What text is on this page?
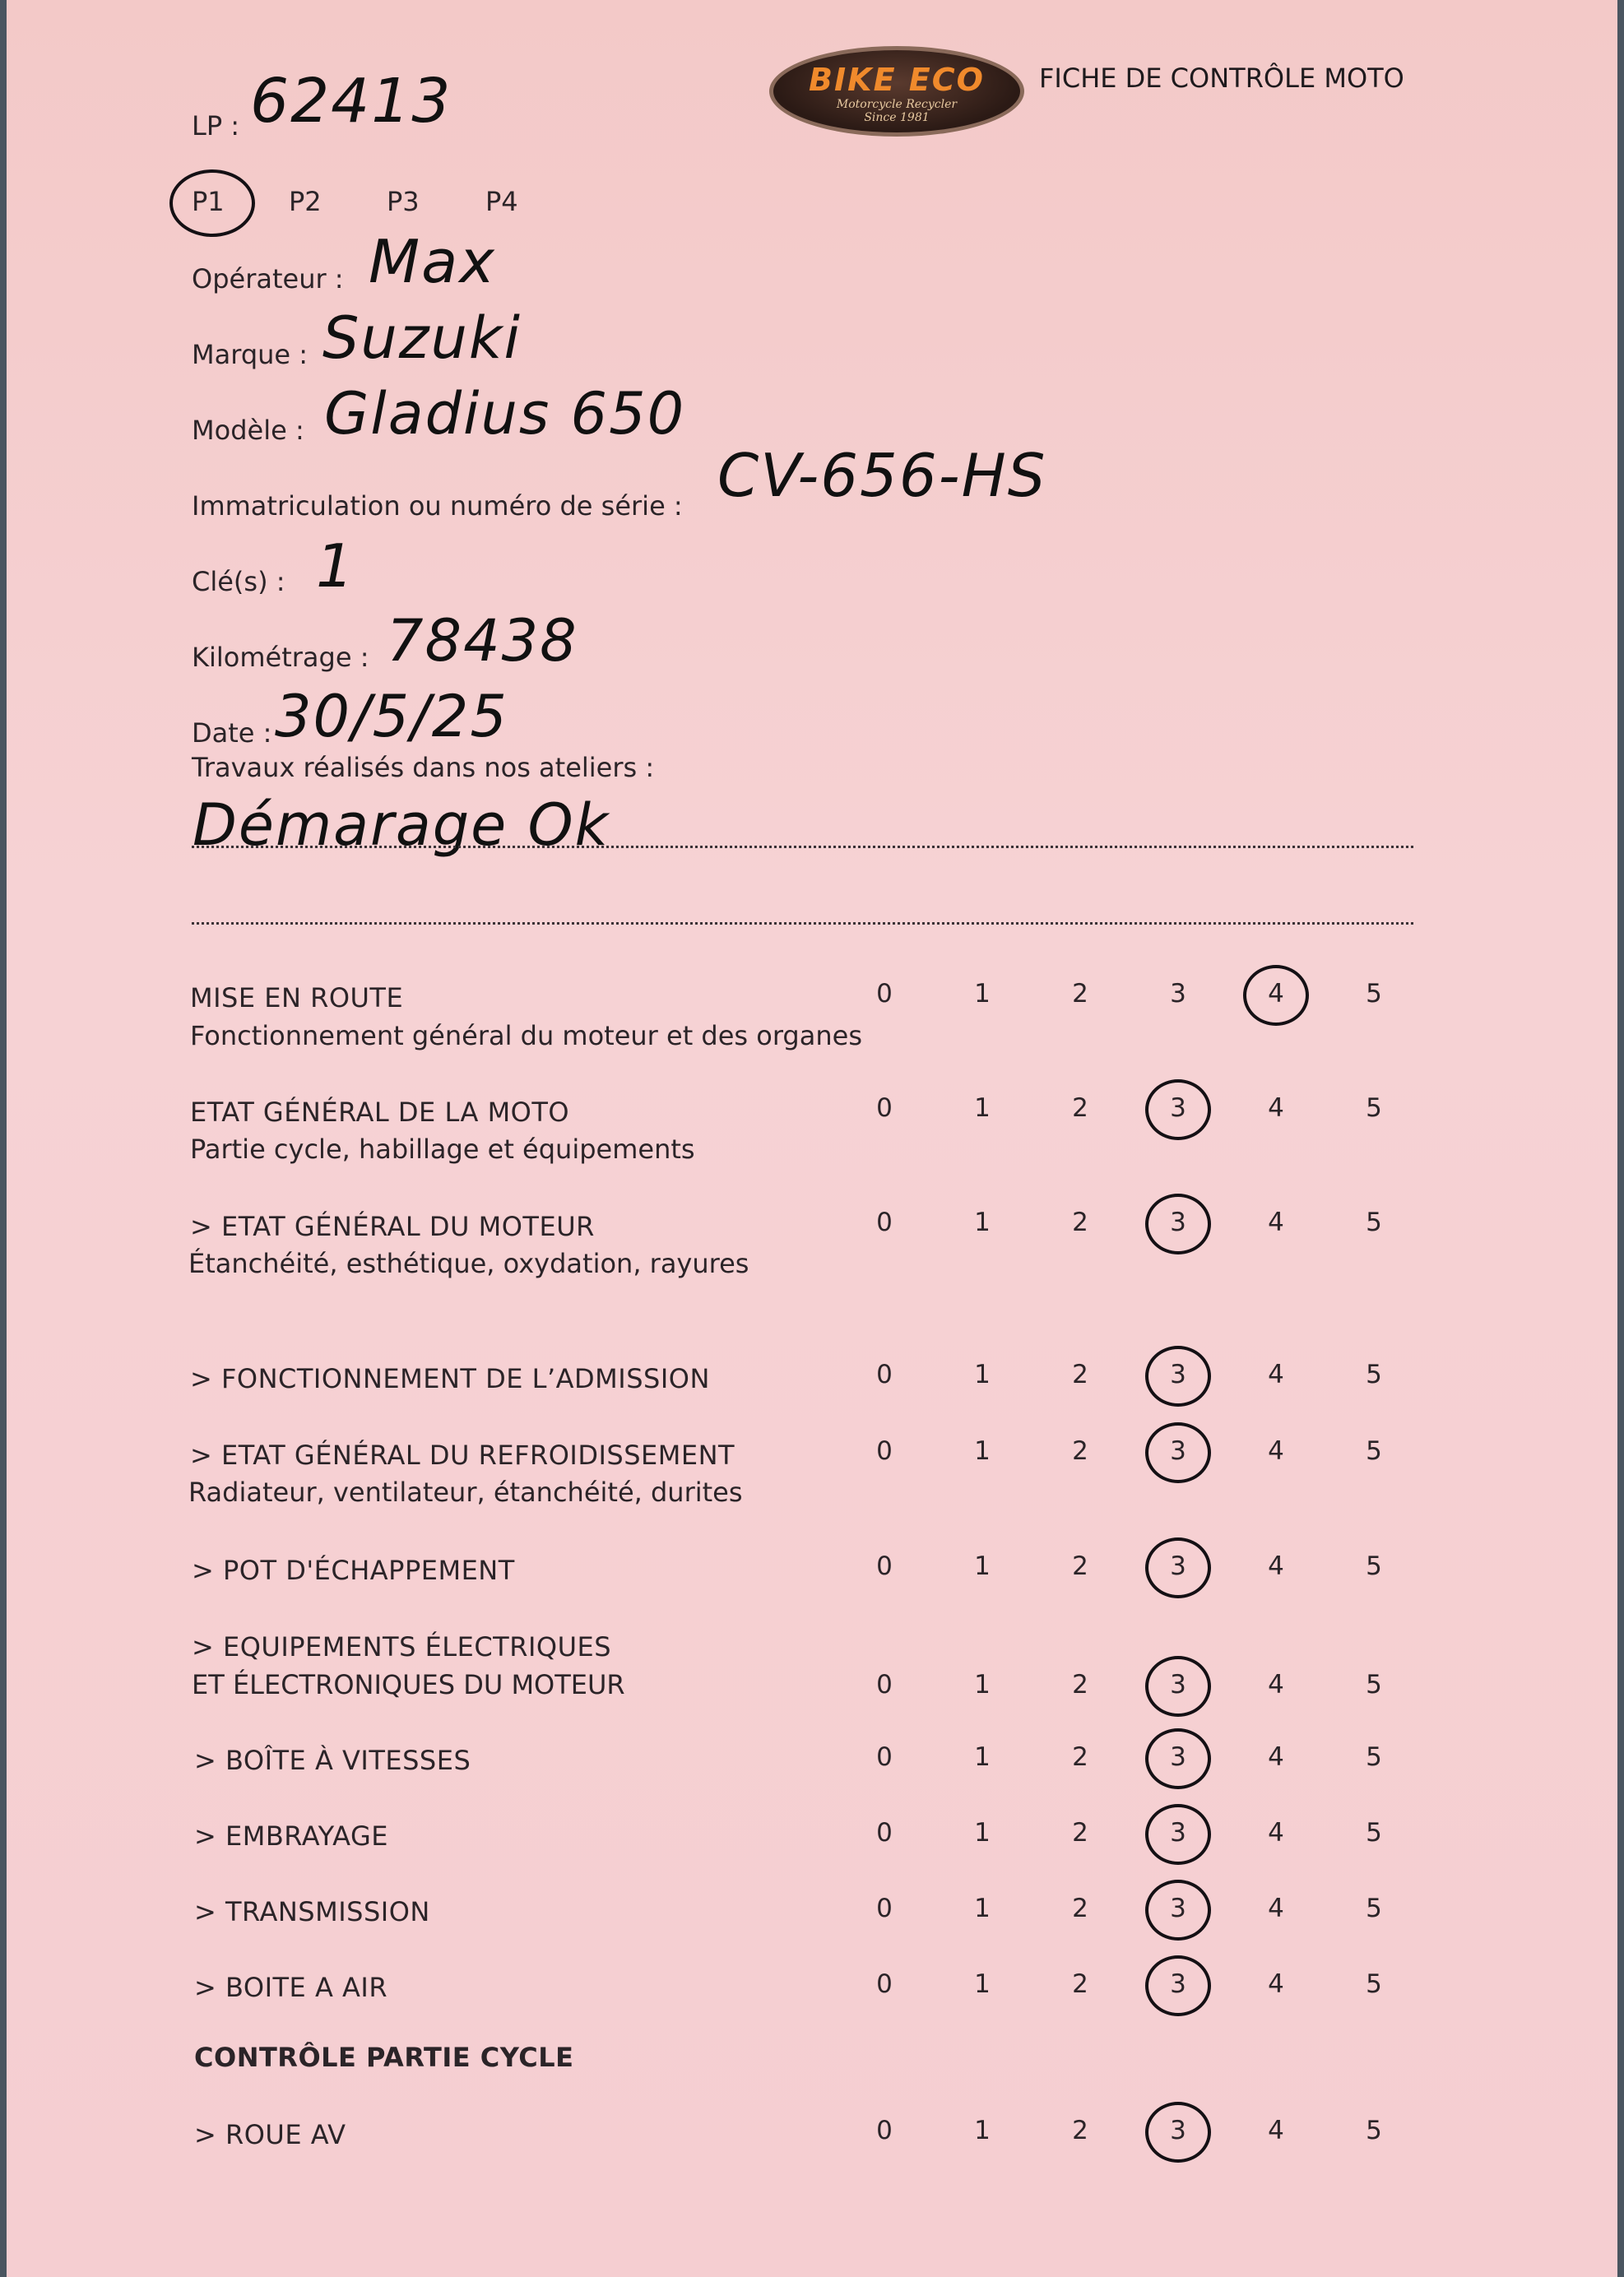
LP : 62413	BIKE ECO
Motorcycle Recycler
Since 1981
FICHE DE CONTRÔLE MOTO
P1 P2 P3	P4
Opérateur : Max
Marque : Suzuki
Modèle : Gladius 650
Immatriculation ou numéro de série : CV-656-HS
Clé(s) : 1
Kilométrage : 78438
Date : 30/5/25
Travaux réalisés dans nos ateliers :
Démarage Ok
MISE EN ROUTE
Fonctionnement général du moteur et des organes
0	1	2	3	4	5
ETAT GÉNÉRAL DE LA MOTO
Partie cycle, habillage et équipements
0	1	2	3	4	5
> ETAT GÉNÉRAL DU MOTEUR
Étanchéité, esthétique, oxydation, rayures
0	1	2	3	4	5
> FONCTIONNEMENT DE L’ADMISSION	0	1	2	3	4	5
> ETAT GÉNÉRAL DU REFROIDISSEMENT
Radiateur, ventilateur, étanchéité, durites
0	1	2	3	4	5
> POT D'ÉCHAPPEMENT	0	1	2	3	4	5
> EQUIPEMENTS ÉLECTRIQUES
ET ÉLECTRONIQUES DU MOTEUR	0	1	2	3	4	5
> BOÎTE À VITESSES	0	1	2	3	4	5
> EMBRAYAGE	0	1	2	3	4	5
> TRANSMISSION	0	1	2	3	4	5
> BOITE A AIR	0	1	2	3	4	5
CONTRÔLE PARTIE CYCLE
> ROUE AV	0	1	2	3	4	5
